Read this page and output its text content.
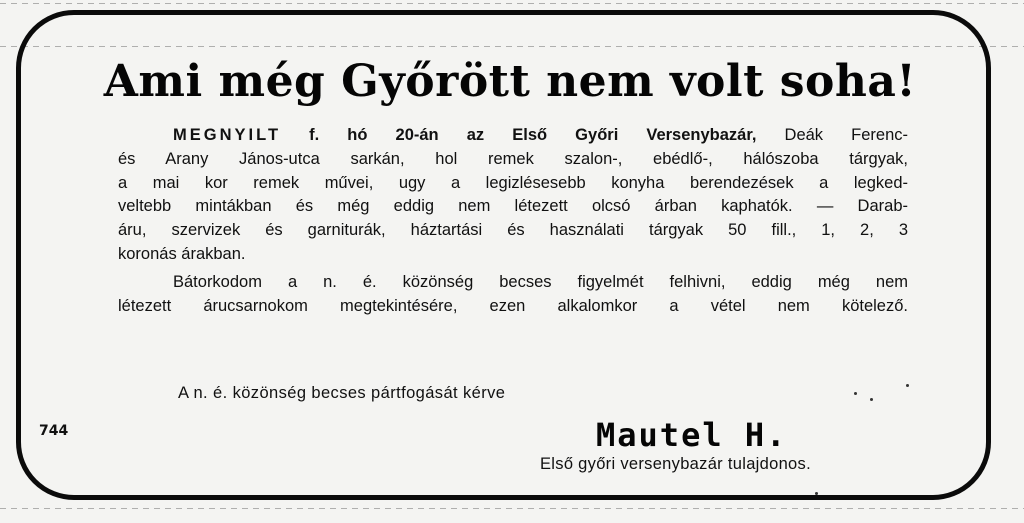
Ami még Győrött nem volt soha!
MEGNYILT f. hó 20-án az Első Győri Versenybazár, Deák Ferenc-
és Arany János-utca sarkán, hol remek szalon-, ebédlő-, hálószoba tárgyak,
a mai kor remek művei, ugy a legizlésesebb konyha berendezések a legked-
veltebb mintákban és még eddig nem létezett olcsó árban kaphatók. — Darab-
áru, szervizek és garniturák, háztartási és használati tárgyak 50 fill., 1, 2, 3
koronás árakban.
Bátorkodom a n. é. közönség becses figyelmét felhivni, eddig még nem
létezett árucsarnokom megtekintésére, ezen alkalomkor a vétel nem kötelező.
A n. é. közönség becses pártfogását kérve
744	Mautel H.
Első győri versenybazár tulajdonos.
